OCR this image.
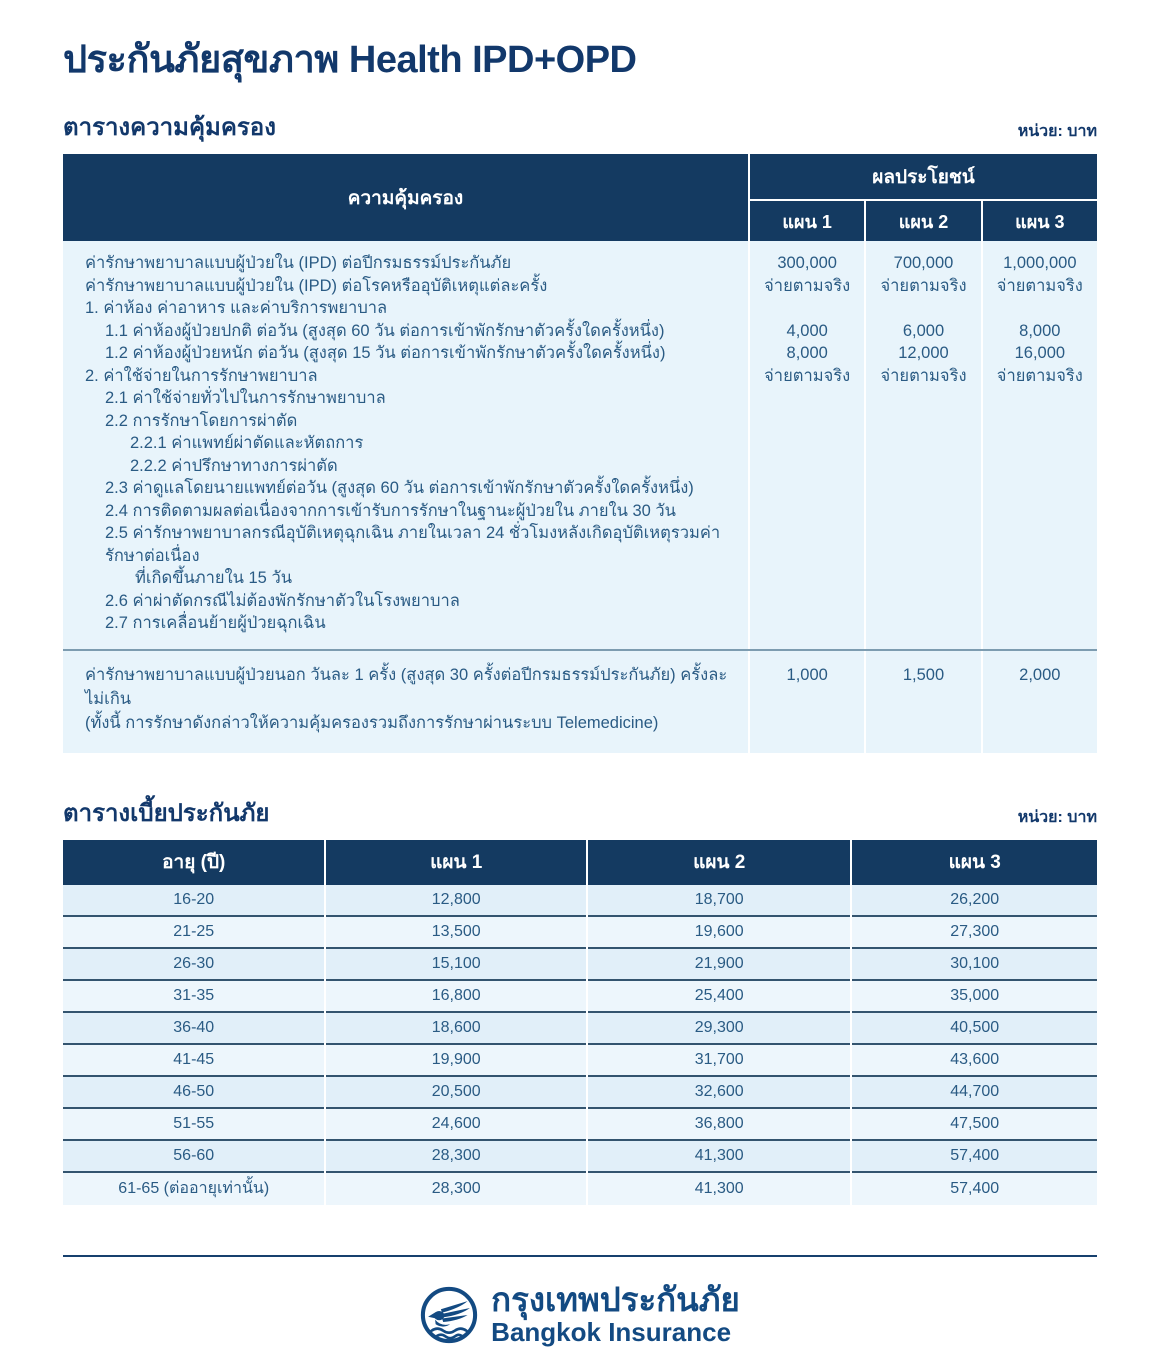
ประกันภัยสุขภาพ Health IPD+OPD
ตารางความคุ้มครอง	หน่วย: บาท
ความคุ้มครอง
ผลประโยชน์
แผน 1	แผน 2	แผน 3
ค่ารักษาพยาบาลแบบผู้ป่วยใน (IPD) ต่อปีกรมธรรม์ประกันภัย	300,000	700,000	1,000,000
ค่ารักษาพยาบาลแบบผู้ป่วยใน (IPD) ต่อโรคหรืออุบัติเหตุแต่ละครั้ง	จ่ายตามจริง	จ่ายตามจริง	จ่ายตามจริง
1. ค่าห้อง ค่าอาหาร และค่าบริการพยาบาล
1.1 ค่าห้องผู้ป่วยปกติ ต่อวัน (สูงสุด 60 วัน ต่อการเข้าพักรักษาตัวครั้งใดครั้งหนึ่ง)	4,000	6,000	8,000
1.2 ค่าห้องผู้ป่วยหนัก ต่อวัน (สูงสุด 15 วัน ต่อการเข้าพักรักษาตัวครั้งใดครั้งหนึ่ง)	8,000	12,000	16,000
2. ค่าใช้จ่ายในการรักษาพยาบาล	จ่ายตามจริง	จ่ายตามจริง	จ่ายตามจริง
2.1 ค่าใช้จ่ายทั่วไปในการรักษาพยาบาล
2.2 การรักษาโดยการผ่าตัด
2.2.1 ค่าแพทย์ผ่าตัดและหัตถการ
2.2.2 ค่าปรึกษาทางการผ่าตัด
2.3 ค่าดูแลโดยนายแพทย์ต่อวัน (สูงสุด 60 วัน ต่อการเข้าพักรักษาตัวครั้งใดครั้งหนึ่ง)
2.4 การติดตามผลต่อเนื่องจากการเข้ารับการรักษาในฐานะผู้ป่วยใน ภายใน 30 วัน
2.5 ค่ารักษาพยาบาลกรณีอุบัติเหตุฉุกเฉิน ภายในเวลา 24 ชั่วโมงหลังเกิดอุบัติเหตุรวมค่ารักษาต่อเนื่อง
ที่เกิดขึ้นภายใน 15 วัน
2.6 ค่าผ่าตัดกรณีไม่ต้องพักรักษาตัวในโรงพยาบาล
2.7 การเคลื่อนย้ายผู้ป่วยฉุกเฉิน
ค่ารักษาพยาบาลแบบผู้ป่วยนอก วันละ 1 ครั้ง (สูงสุด 30 ครั้งต่อปีกรมธรรม์ประกันภัย) ครั้งละไม่เกิน
(ทั้งนี้ การรักษาดังกล่าวให้ความคุ้มครองรวมถึงการรักษาผ่านระบบ Telemedicine)
1,000	1,500	2,000
ตารางเบี้ยประกันภัย	หน่วย: บาท
อายุ (ปี)	แผน 1	แผน 2	แผน 3
16-20	12,800	18,700	26,200
21-25	13,500	19,600	27,300
26-30	15,100	21,900	30,100
31-35	16,800	25,400	35,000
36-40	18,600	29,300	40,500
41-45	19,900	31,700	43,600
46-50	20,500	32,600	44,700
51-55	24,600	36,800	47,500
56-60	28,300	41,300	57,400
61-65 (ต่ออายุเท่านั้น)	28,300	41,300	57,400
กรุงเทพประกันภัย
Bangkok Insurance
